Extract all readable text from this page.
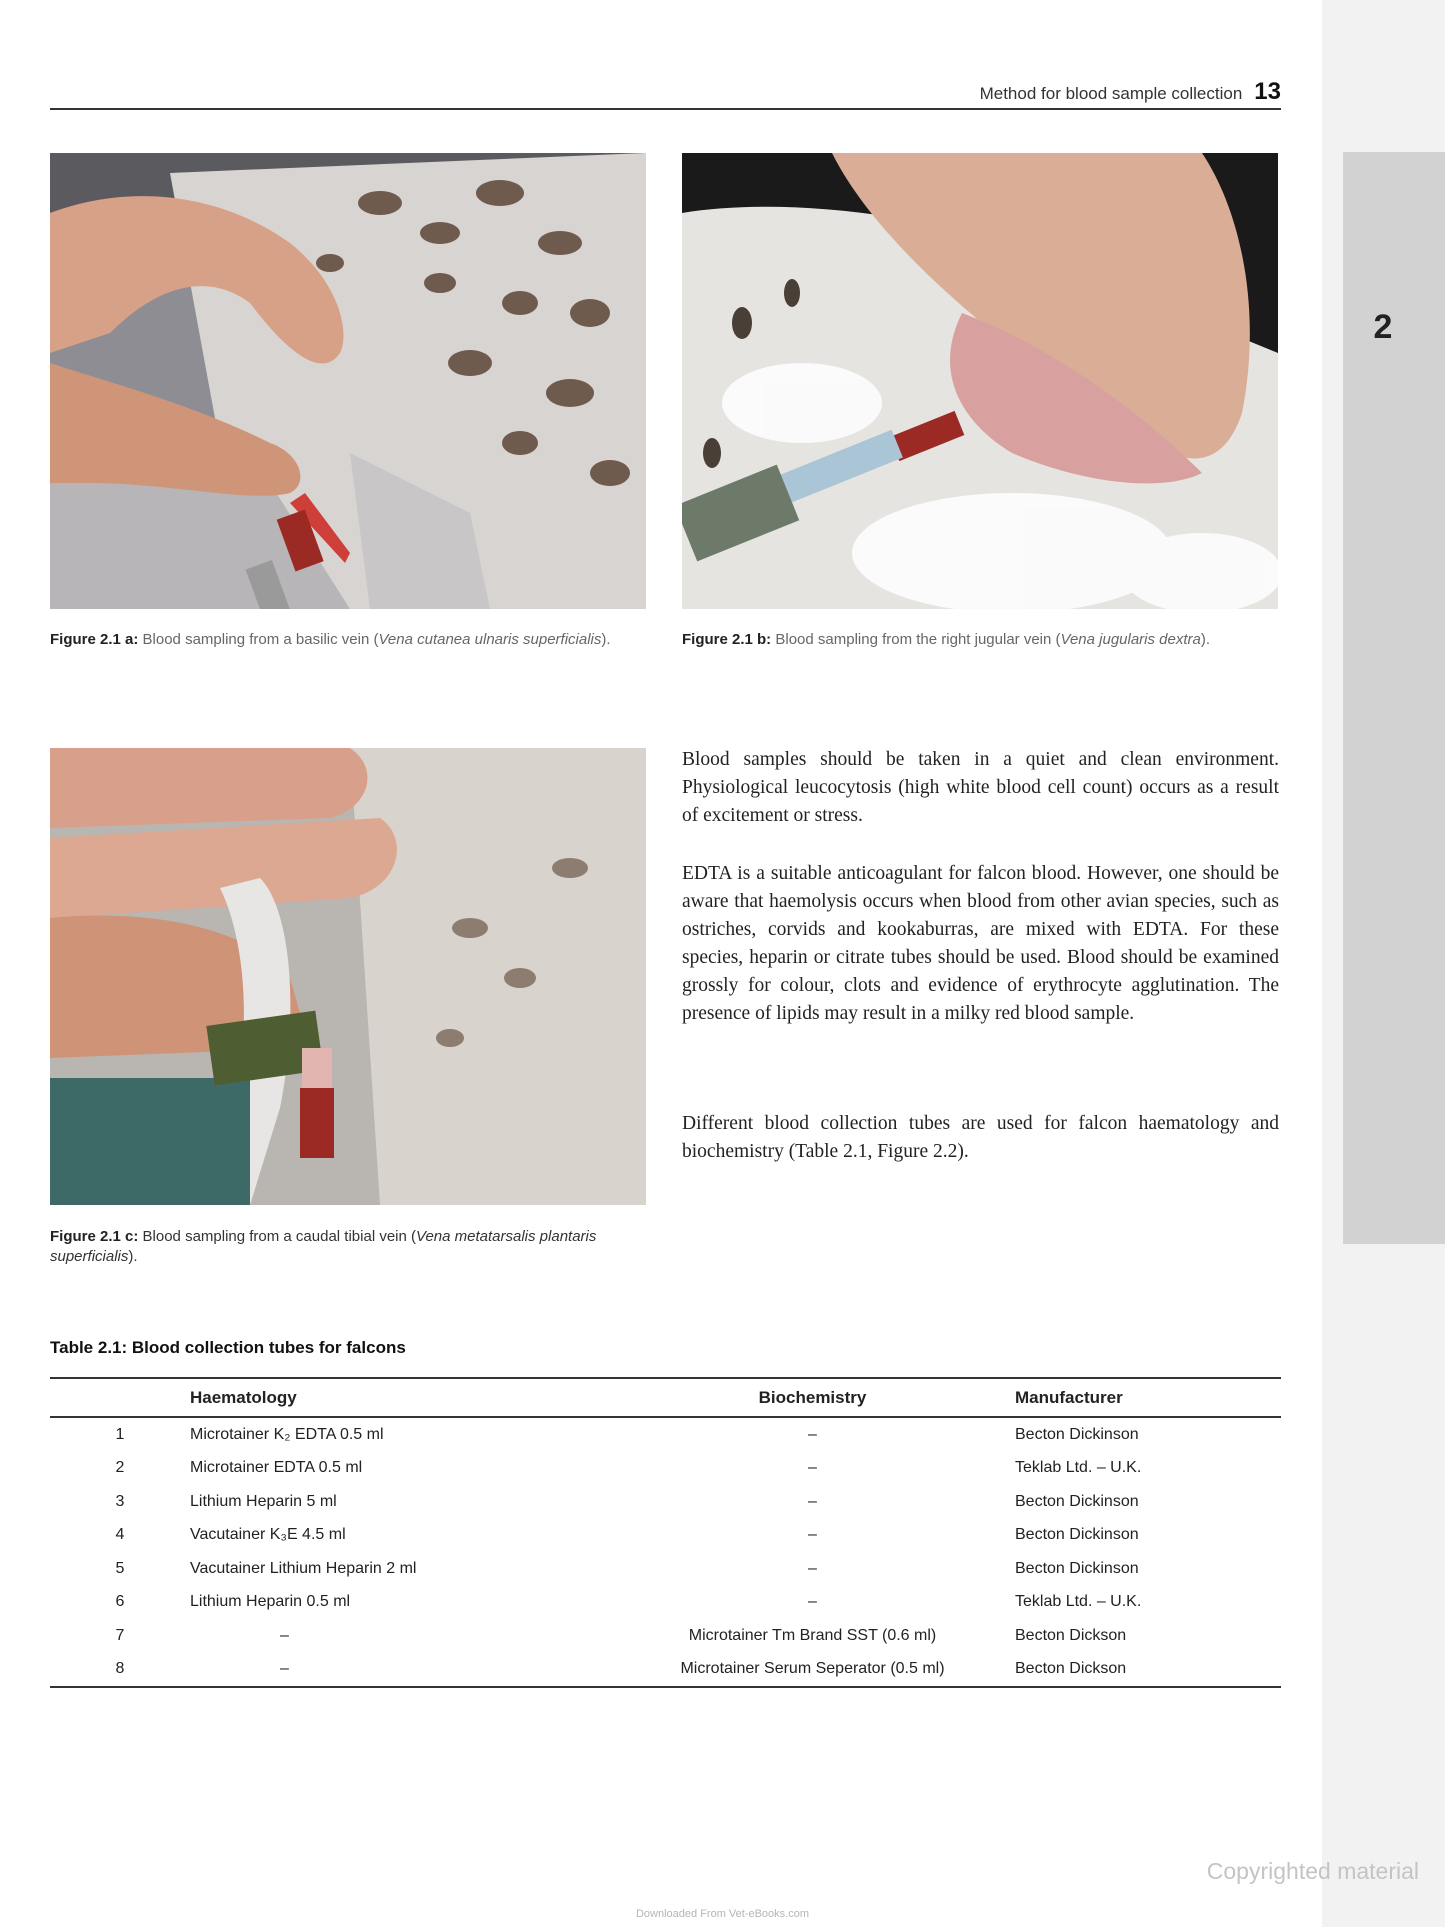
2
Method for blood sample collection 13
Figure 2.1 a: Blood sampling from a basilic vein (Vena cutanea ulnaris superficialis).	Figure 2.1 b: Blood sampling from the right jugular vein (Vena jugularis dextra).
Figure 2.1 c: Blood sampling from a caudal tibial vein (Vena metatarsalis plantaris superficialis).

Blood samples should be taken in a quiet and clean environment. Physiological leucocytosis (high white blood cell count) occurs as a result of excitement or stress.

EDTA is a suitable anticoagulant for falcon blood. However, one should be aware that haemolysis occurs when blood from other avian species, such as ostriches, corvids and kookaburras, are mixed with EDTA. For these species, heparin or citrate tubes should be used. Blood should be examined grossly for colour, clots and evidence of erythrocyte agglutination. The presence of lipids may result in a milky red blood sample.

Different blood collection tubes are used for falcon haematology and biochemistry (Table 2.1, Figure 2.2).

Table 2.1: Blood collection tubes for falcons
	Haematology	Biochemistry	Manufacturer
1	Microtainer K₂ EDTA 0.5 ml	–	Becton Dickinson
2	Microtainer EDTA 0.5 ml	–	Teklab Ltd. – U.K.
3	Lithium Heparin 5 ml	–	Becton Dickinson
4	Vacutainer K₃E 4.5 ml	–	Becton Dickinson
5	Vacutainer Lithium Heparin 2 ml	–	Becton Dickinson
6	Lithium Heparin 0.5 ml	–	Teklab Ltd. – U.K.
7	–	Microtainer Tm Brand SST (0.6 ml)	Becton Dickson
8	–	Microtainer Serum Seperator (0.5 ml)	Becton Dickson
Copyrighted material
Downloaded From Vet-eBooks.com
